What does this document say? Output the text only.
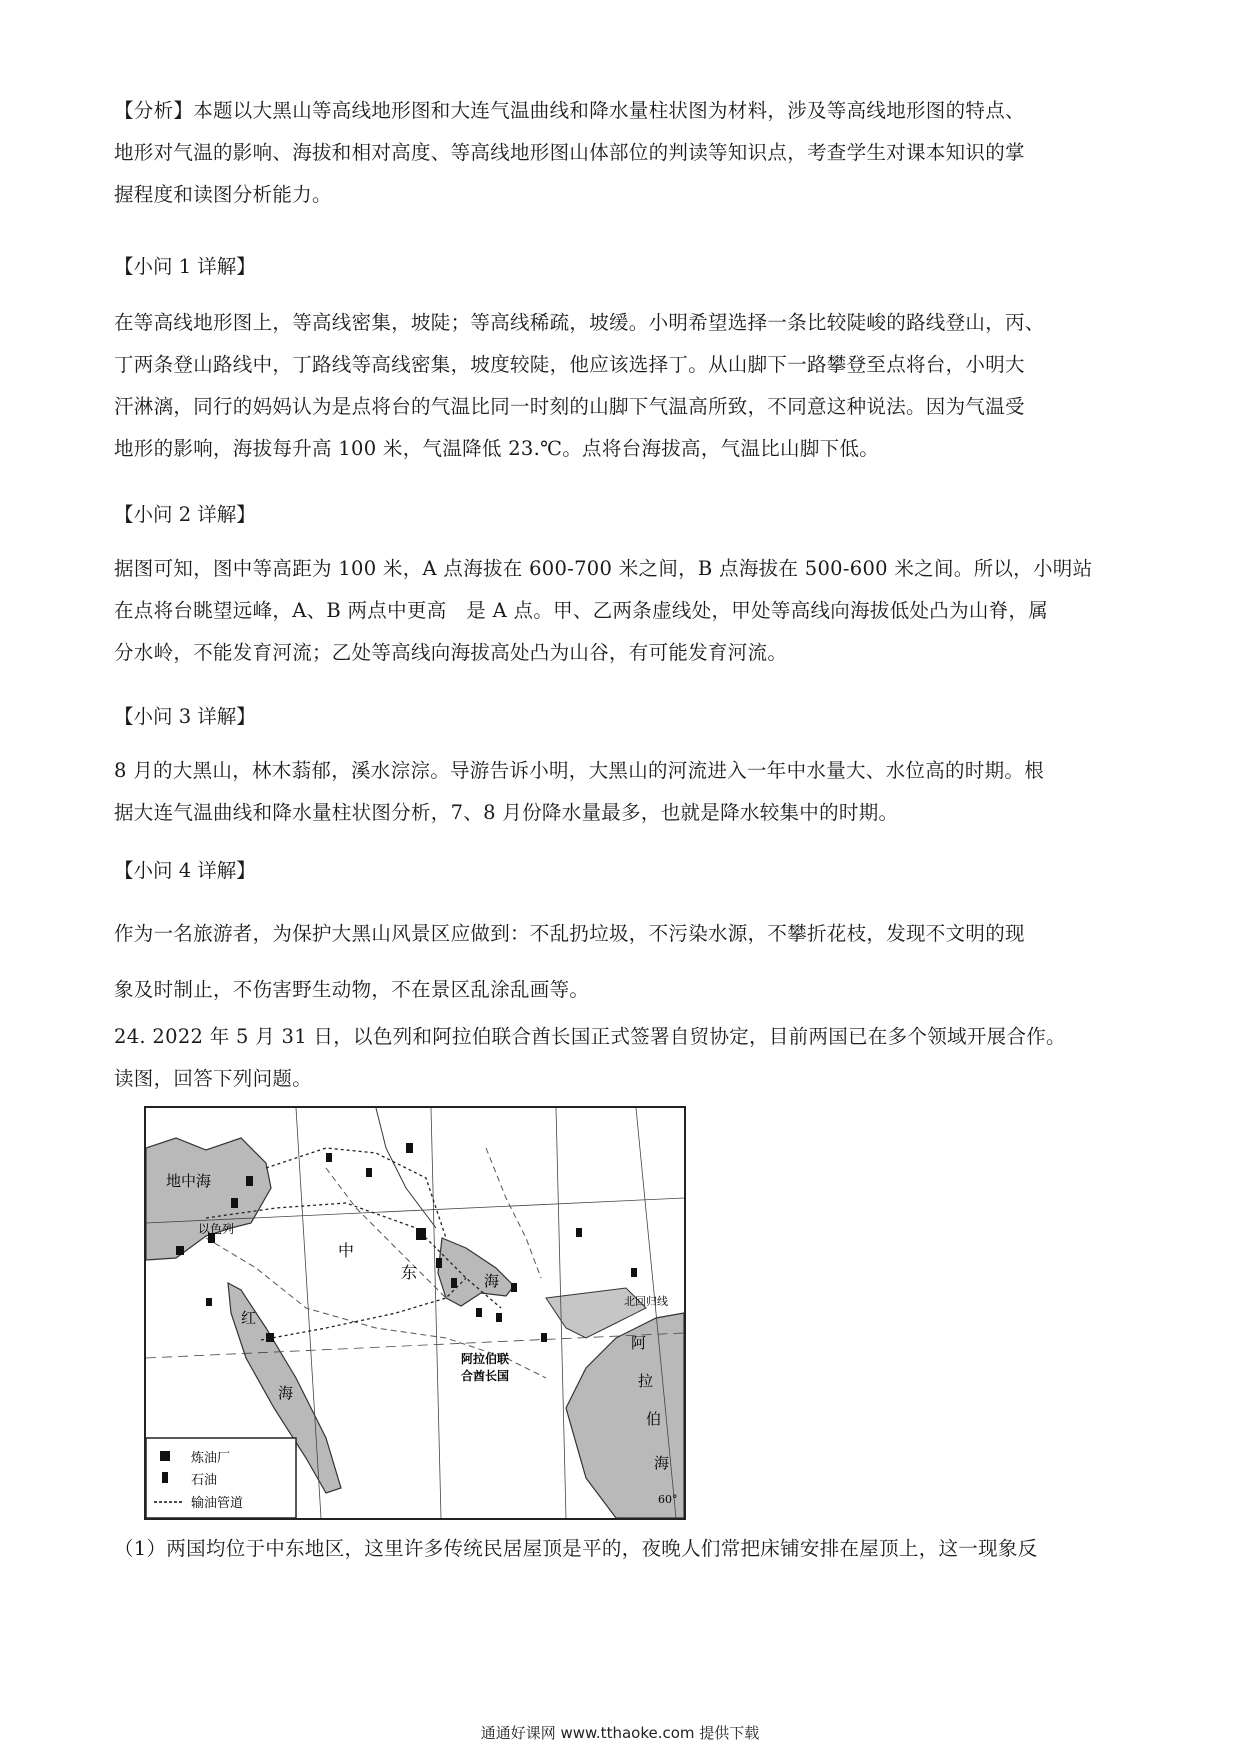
【分析】本题以大黑山等高线地形图和大连气温曲线和降水量柱状图为材料，涉及等高线地形图的特点、
地形对气温的影响、海拔和相对高度、等高线地形图山体部位的判读等知识点，考查学生对课本知识的掌
握程度和读图分析能力。
【小问 1 详解】
在等高线地形图上，等高线密集，坡陡；等高线稀疏，坡缓。小明希望选择一条比较陡峻的路线登山，丙、
丁两条登山路线中，丁路线等高线密集，坡度较陡，他应该选择丁。从山脚下一路攀登至点将台，小明大
汗淋漓，同行的妈妈认为是点将台的气温比同一时刻的山脚下气温高所致，不同意这种说法。因为气温受
地形的影响，海拔每升高 100 米，气温降低 23.℃。点将台海拔高，气温比山脚下低。
【小问 2 详解】
据图可知，图中等高距为 100 米，A 点海拔在 600-700 米之间，B 点海拔在 500-600 米之间。所以，小明站
在点将台眺望远峰，A、B 两点中更高　是 A 点。甲、乙两条虚线处，甲处等高线向海拔低处凸为山脊，属
分水岭，不能发育河流；乙处等高线向海拔高处凸为山谷，有可能发育河流。
【小问 3 详解】
8 月的大黑山，林木蓊郁，溪水淙淙。导游告诉小明，大黑山的河流进入一年中水量大、水位高的时期。根
据大连气温曲线和降水量柱状图分析，7、8 月份降水量最多，也就是降水较集中的时期。
【小问 4 详解】
作为一名旅游者，为保护大黑山风景区应做到：不乱扔垃圾，不污染水源，不攀折花枝，发现不文明的现
象及时制止，不伤害野生动物，不在景区乱涂乱画等。
24. 2022 年 5 月 31 日，以色列和阿拉伯联合酋长国正式签署自贸协定，目前两国已在多个领域开展合作。
读图，回答下列问题。
地中海
以色列
中
东	海
红
海
阿拉伯联
合酋长国
北回归线
阿
拉
伯
海
60°
炼油厂
石油
输油管道
（1）两国均位于中东地区，这里许多传统民居屋顶是平的，夜晚人们常把床铺安排在屋顶上，这一现象反
通通好课网 www.tthaoke.com 提供下载
